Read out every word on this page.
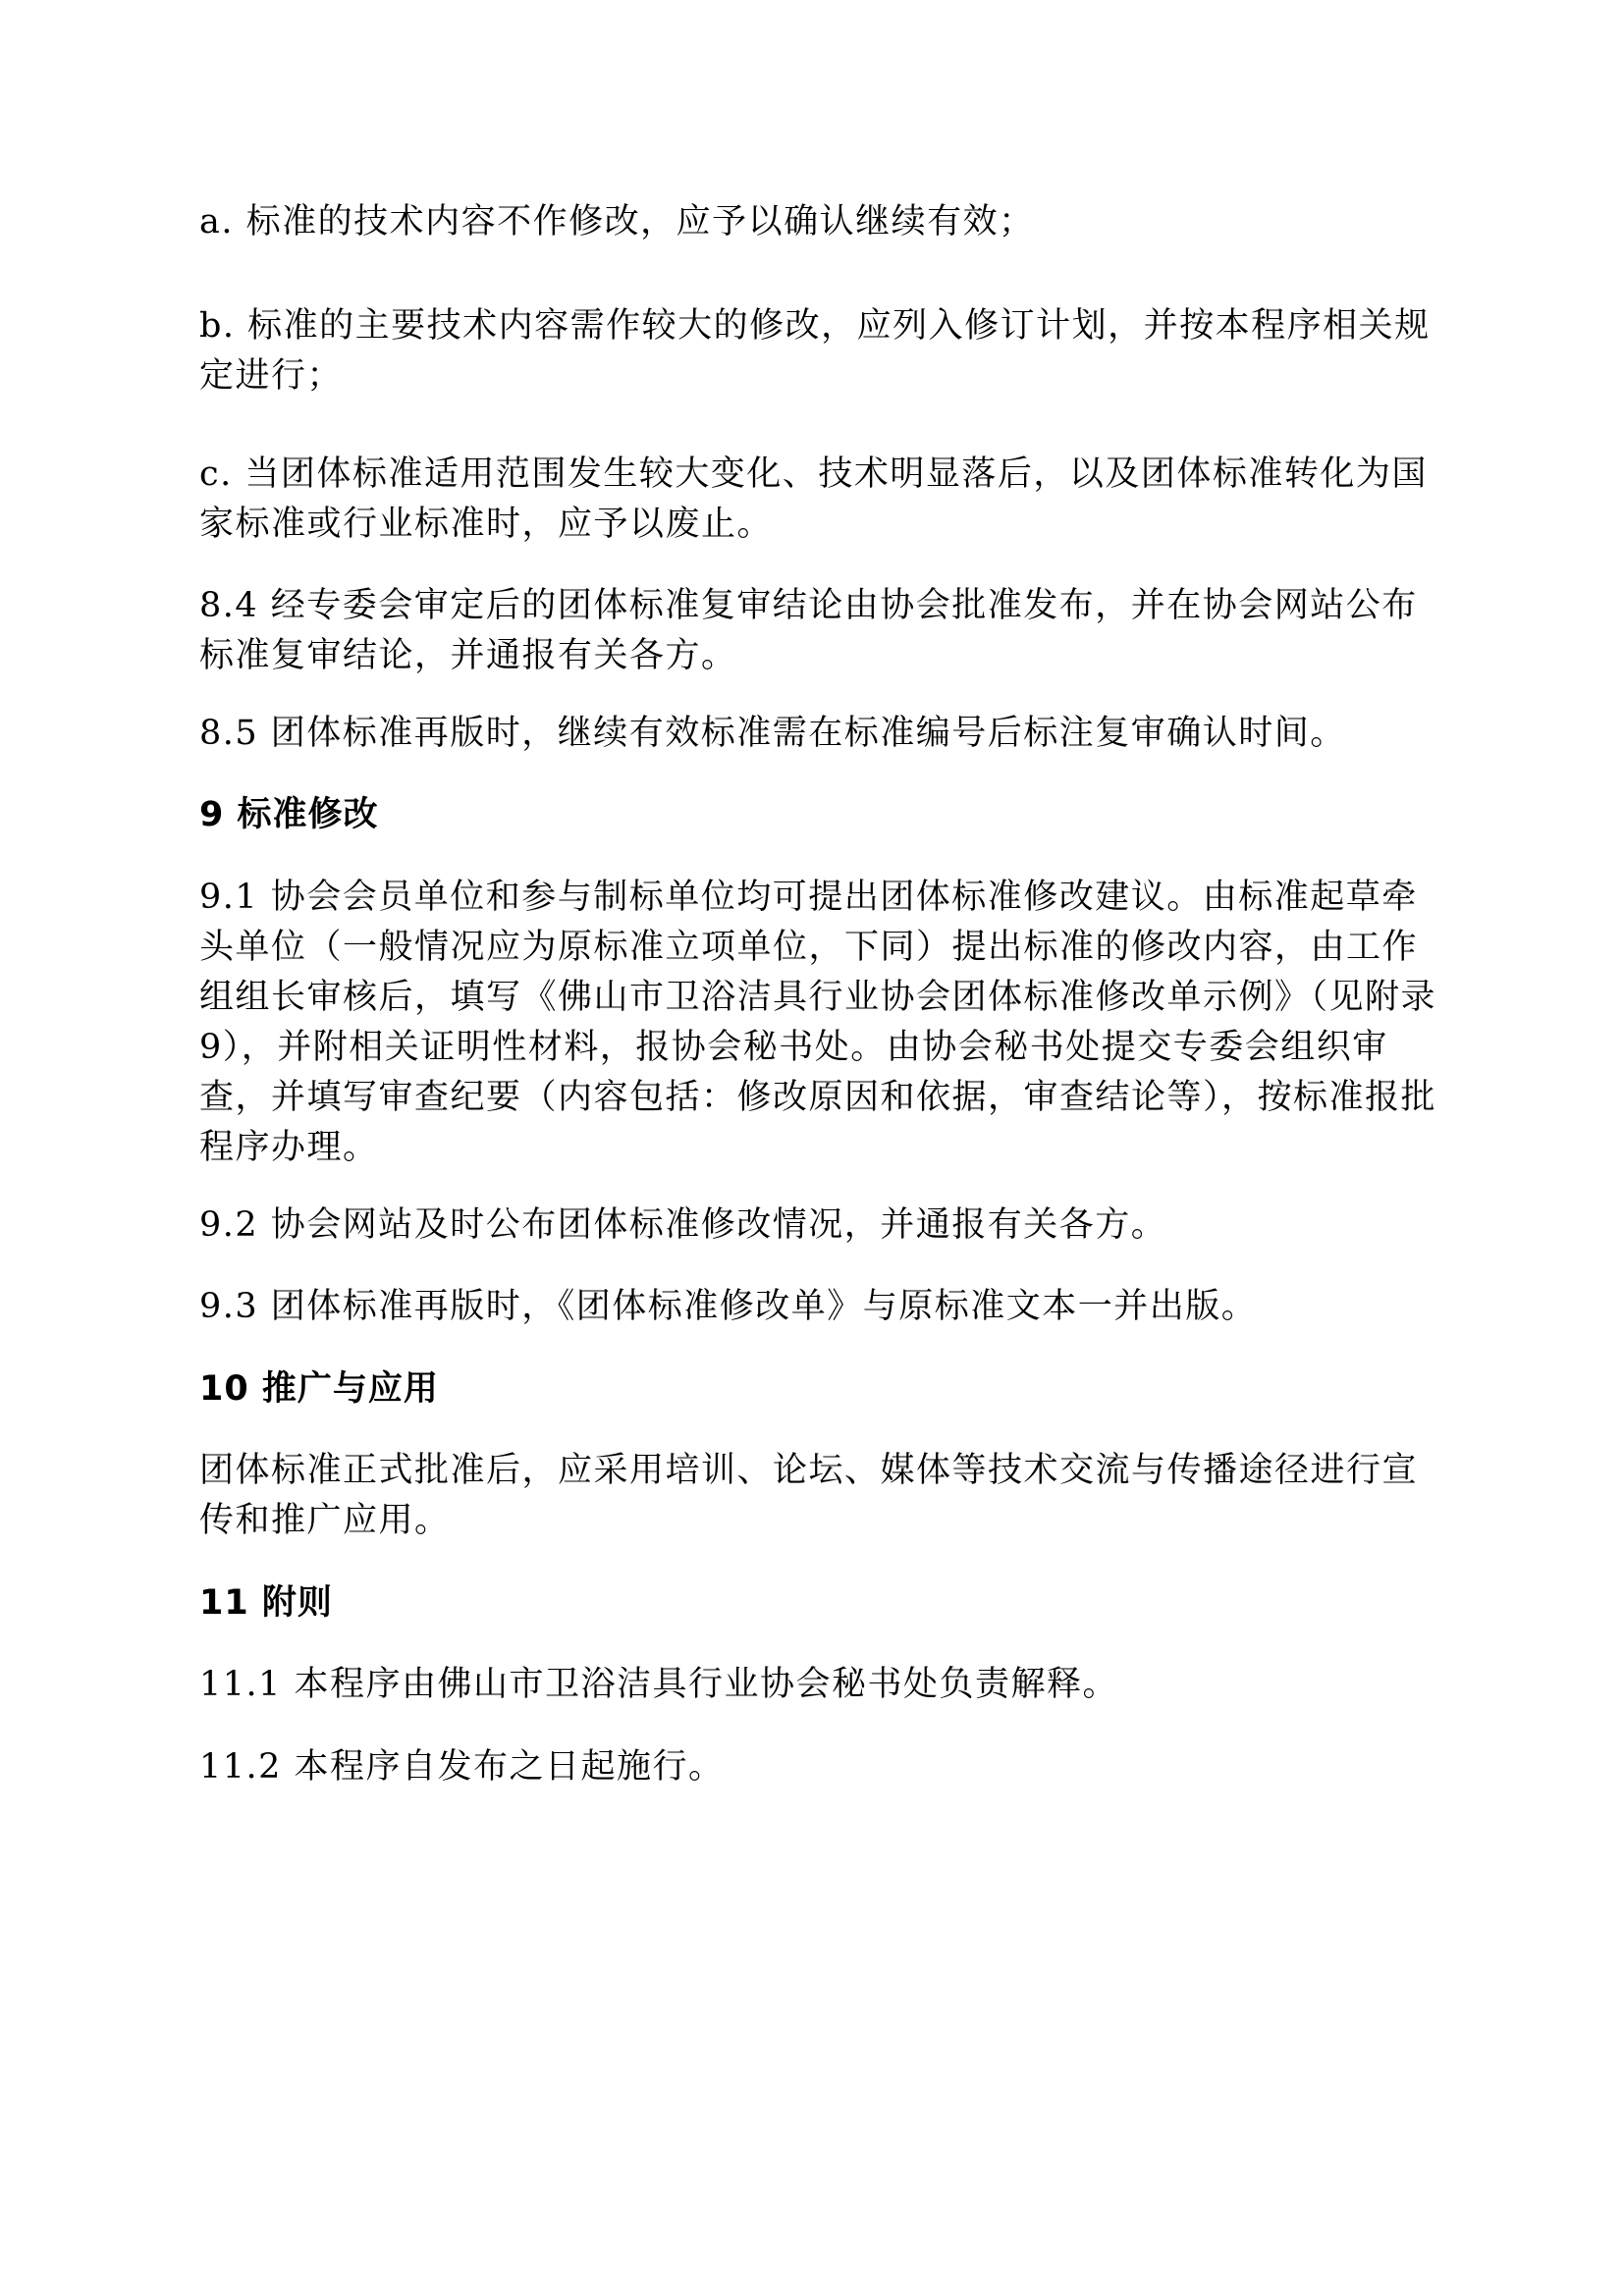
a. 标准的技术内容不作修改，应予以确认继续有效；

b. 标准的主要技术内容需作较大的修改，应列入修订计划，并按本程序相关规定进行；

c. 当团体标准适用范围发生较大变化、技术明显落后，以及团体标准转化为国家标准或行业标准时，应予以废止。

8.4 经专委会审定后的团体标准复审结论由协会批准发布，并在协会网站公布标准复审结论，并通报有关各方。

8.5 团体标准再版时，继续有效标准需在标准编号后标注复审确认时间。

9 标准修改

9.1 协会会员单位和参与制标单位均可提出团体标准修改建议。由标准起草牵头单位（一般情况应为原标准立项单位，下同）提出标准的修改内容，由工作组组长审核后，填写《佛山市卫浴洁具行业协会团体标准修改单示例》（见附录9），并附相关证明性材料，报协会秘书处。由协会秘书处提交专委会组织审查，并填写审查纪要（内容包括：修改原因和依据，审查结论等），按标准报批程序办理。

9.2 协会网站及时公布团体标准修改情况，并通报有关各方。

9.3 团体标准再版时，《团体标准修改单》与原标准文本一并出版。

10 推广与应用

团体标准正式批准后，应采用培训、论坛、媒体等技术交流与传播途径进行宣传和推广应用。

11 附则

11.1 本程序由佛山市卫浴洁具行业协会秘书处负责解释。

11.2 本程序自发布之日起施行。
